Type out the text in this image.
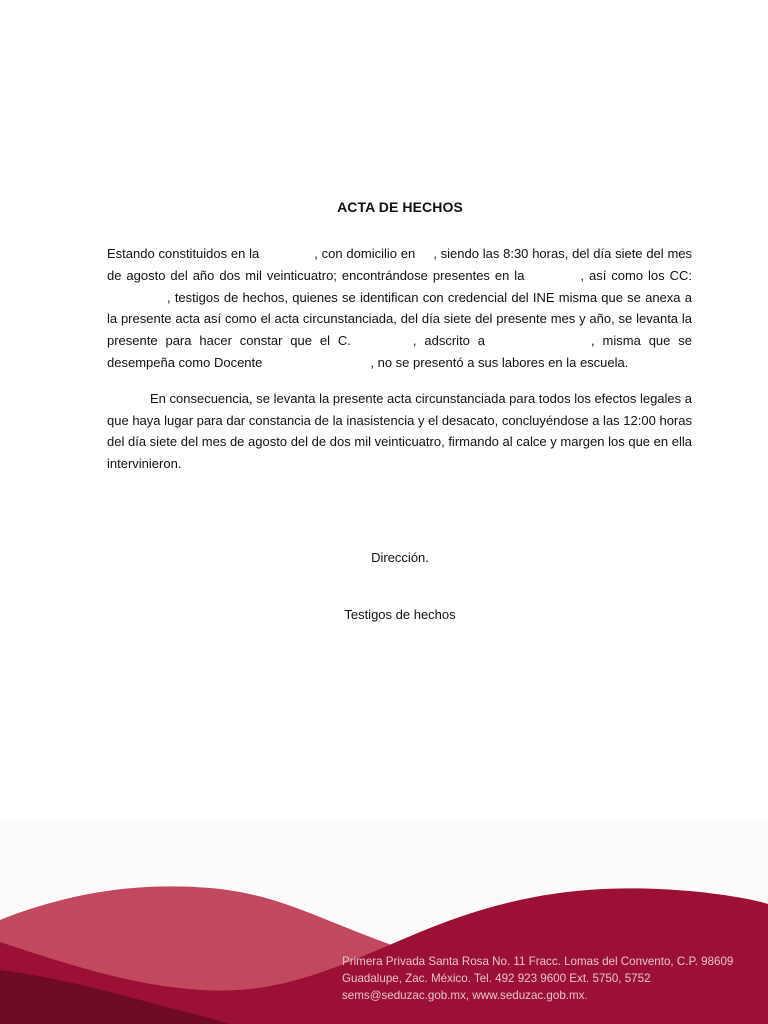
ACTA DE HECHOS

Estando constituidos en la	, con domicilio en , siendo las 8:30 horas, del día siete del mes de agosto del año dos mil veinticuatro; encontrándose presentes en la	, así como los CC:, testigos de hechos, quienes se identifican con credencial del INE misma que se anexa a la presente acta así como el acta circunstanciada, del día siete del presente mes y año, se levanta la presente para hacer constar que el C.	, adscrito a	, misma que se desempeña como Docente	, no se presentó a sus labores en la escuela.

En consecuencia, se levanta la presente acta circunstanciada para todos los efectos legales a que haya lugar para dar constancia de la inasistencia y el desacato, concluyéndose a las 12:00 horas del día siete del mes de agosto del de dos mil veinticuatro, firmando al calce y margen los que en ella intervinieron.

Dirección.
Testigos de hechos
Primera Privada Santa Rosa No. 11 Fracc. Lomas del Convento, C.P. 98609
Guadalupe, Zac. México. Tel. 492 923 9600 Ext. 5750, 5752
sems@seduzac.gob.mx, www.seduzac.gob.mx.
